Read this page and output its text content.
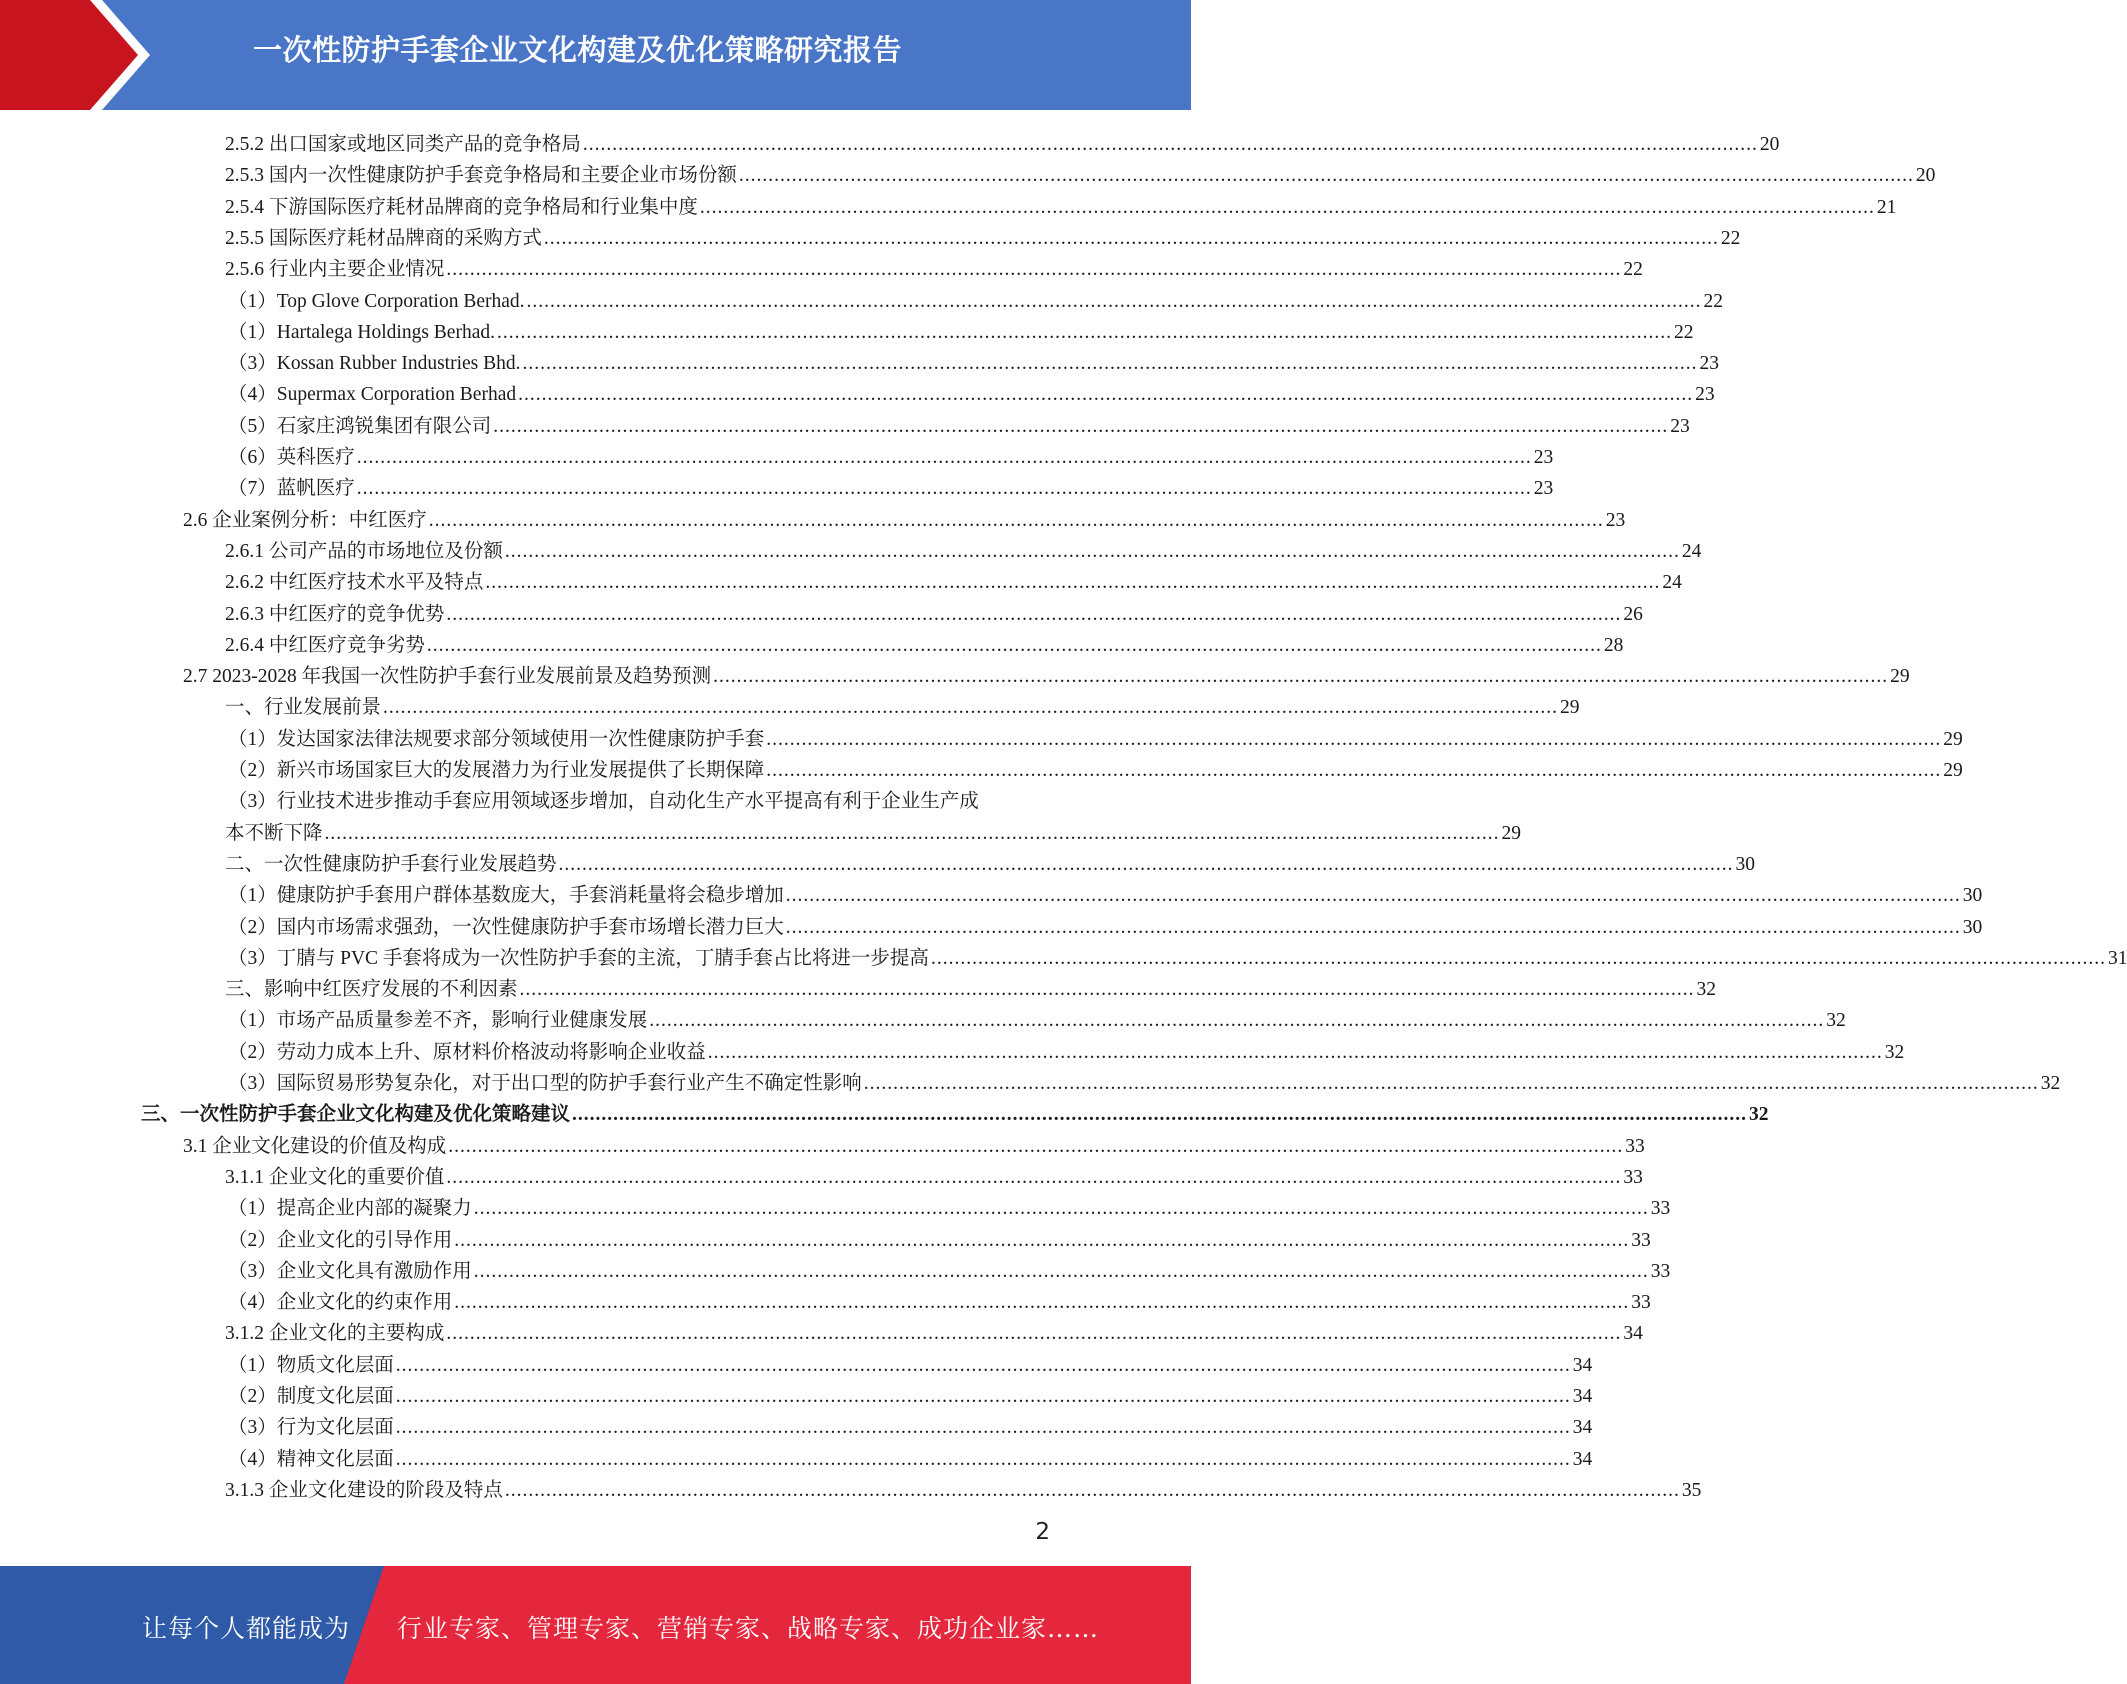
一次性防护手套企业文化构建及优化策略研究报告
2.5.2 出口国家或地区同类产品的竞争格局 ........................................................................................................................................................................................................ 20
2.5.3 国内一次性健康防护手套竞争格局和主要企业市场份额 ........................................................................................................................................................................................................ 20
2.5.4 下游国际医疗耗材品牌商的竞争格局和行业集中度 ........................................................................................................................................................................................................ 21
2.5.5 国际医疗耗材品牌商的采购方式 ........................................................................................................................................................................................................ 22
2.5.6 行业内主要企业情况 ........................................................................................................................................................................................................ 22
（1）Top Glove Corporation Berhad. ........................................................................................................................................................................................................ 22
（1）Hartalega Holdings Berhad. ........................................................................................................................................................................................................ 22
（3）Kossan Rubber Industries Bhd. ........................................................................................................................................................................................................ 23
（4）Supermax Corporation Berhad ........................................................................................................................................................................................................ 23
（5）石家庄鸿锐集团有限公司 ........................................................................................................................................................................................................ 23
（6）英科医疗 ........................................................................................................................................................................................................ 23
（7）蓝帆医疗 ........................................................................................................................................................................................................ 23
2.6 企业案例分析：中红医疗 ........................................................................................................................................................................................................ 23
2.6.1 公司产品的市场地位及份额 ........................................................................................................................................................................................................ 24
2.6.2 中红医疗技术水平及特点 ........................................................................................................................................................................................................ 24
2.6.3 中红医疗的竞争优势 ........................................................................................................................................................................................................ 26
2.6.4 中红医疗竞争劣势 ........................................................................................................................................................................................................ 28
2.7 2023-2028 年我国一次性防护手套行业发展前景及趋势预测 ........................................................................................................................................................................................................ 29
一、行业发展前景 ........................................................................................................................................................................................................ 29
（1）发达国家法律法规要求部分领域使用一次性健康防护手套 ........................................................................................................................................................................................................ 29
（2）新兴市场国家巨大的发展潜力为行业发展提供了长期保障 ........................................................................................................................................................................................................ 29
（3）行业技术进步推动手套应用领域逐步增加，自动化生产水平提高有利于企业生产成
本不断下降 ........................................................................................................................................................................................................ 29
二、一次性健康防护手套行业发展趋势 ........................................................................................................................................................................................................ 30
（1）健康防护手套用户群体基数庞大，手套消耗量将会稳步增加 ........................................................................................................................................................................................................ 30
（2）国内市场需求强劲，一次性健康防护手套市场增长潜力巨大 ........................................................................................................................................................................................................ 30
（3）丁腈与 PVC 手套将成为一次性防护手套的主流，丁腈手套占比将进一步提高 ........................................................................................................................................................................................................ 31
三、影响中红医疗发展的不利因素 ........................................................................................................................................................................................................ 32
（1）市场产品质量参差不齐，影响行业健康发展 ........................................................................................................................................................................................................ 32
（2）劳动力成本上升、原材料价格波动将影响企业收益 ........................................................................................................................................................................................................ 32
（3）国际贸易形势复杂化，对于出口型的防护手套行业产生不确定性影响 ........................................................................................................................................................................................................ 32
三、一次性防护手套企业文化构建及优化策略建议 ........................................................................................................................................................................................................ 32
3.1 企业文化建设的价值及构成 ........................................................................................................................................................................................................ 33
3.1.1 企业文化的重要价值 ........................................................................................................................................................................................................ 33
（1）提高企业内部的凝聚力 ........................................................................................................................................................................................................ 33
（2）企业文化的引导作用 ........................................................................................................................................................................................................ 33
（3）企业文化具有激励作用 ........................................................................................................................................................................................................ 33
（4）企业文化的约束作用 ........................................................................................................................................................................................................ 33
3.1.2 企业文化的主要构成 ........................................................................................................................................................................................................ 34
（1）物质文化层面 ........................................................................................................................................................................................................ 34
（2）制度文化层面 ........................................................................................................................................................................................................ 34
（3）行为文化层面 ........................................................................................................................................................................................................ 34
（4）精神文化层面 ........................................................................................................................................................................................................ 34
3.1.3 企业文化建设的阶段及特点 ........................................................................................................................................................................................................ 35
2
让每个人都能成为 行业专家、管理专家、营销专家、战略专家、成功企业家……
